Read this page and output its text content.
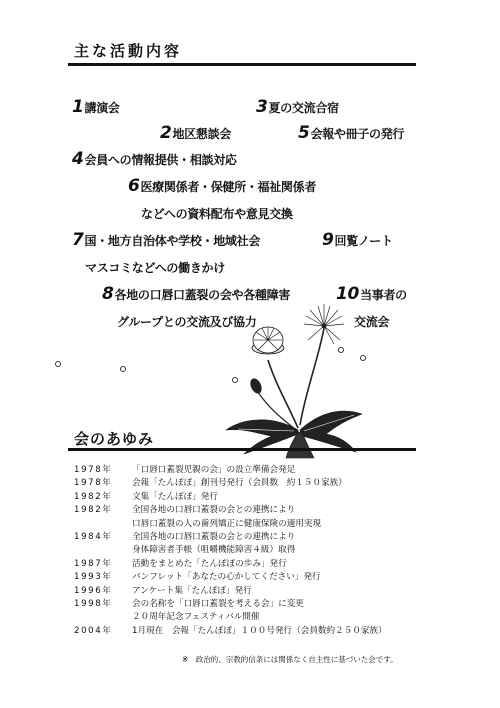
主な活動内容
1講演会	3夏の交流合宿
2地区懇談会	5会報や冊子の発行
4会員への情報提供・相談対応
6医療関係者・保健所・福祉関係者
などへの資料配布や意見交換
7国・地方自治体や学校・地域社会	9回覧ノート
マスコミなどへの働きかけ
8各地の口唇口蓋裂の会や各種障害	10当事者の
グループとの交流及び協力	交流会
会のあゆみ
1978年	「口唇口蓋裂児親の会」の設立準備会発足
1978年	会報「たんぽぽ」創刊号発行（会員数　約１５０家族）
1982年	文集「たんぽぽ」発行
1982年	全国各地の口唇口蓋裂の会との連携により
口唇口蓋裂の人の歯列矯正に健康保険の適用実現
1984年	全国各地の口唇口蓋裂の会との連携により
身体障害者手帳（咀嚼機能障害４級）取得
1987年	活動をまとめた「たんぽぽの歩み」発行
1993年	パンフレット「あなたの心かしてください」発行
1996年	アンケート集「たんぽぽ」発行
1998年	会の名称を「口唇口蓋裂を考える会」に変更
２０周年記念フェスティバル開催
2004年	1月現在　会報「たんぽぽ」１００号発行（会員数約２５０家族）
※　政治的、宗教的信条には関係なく自主性に基づいた会です。
